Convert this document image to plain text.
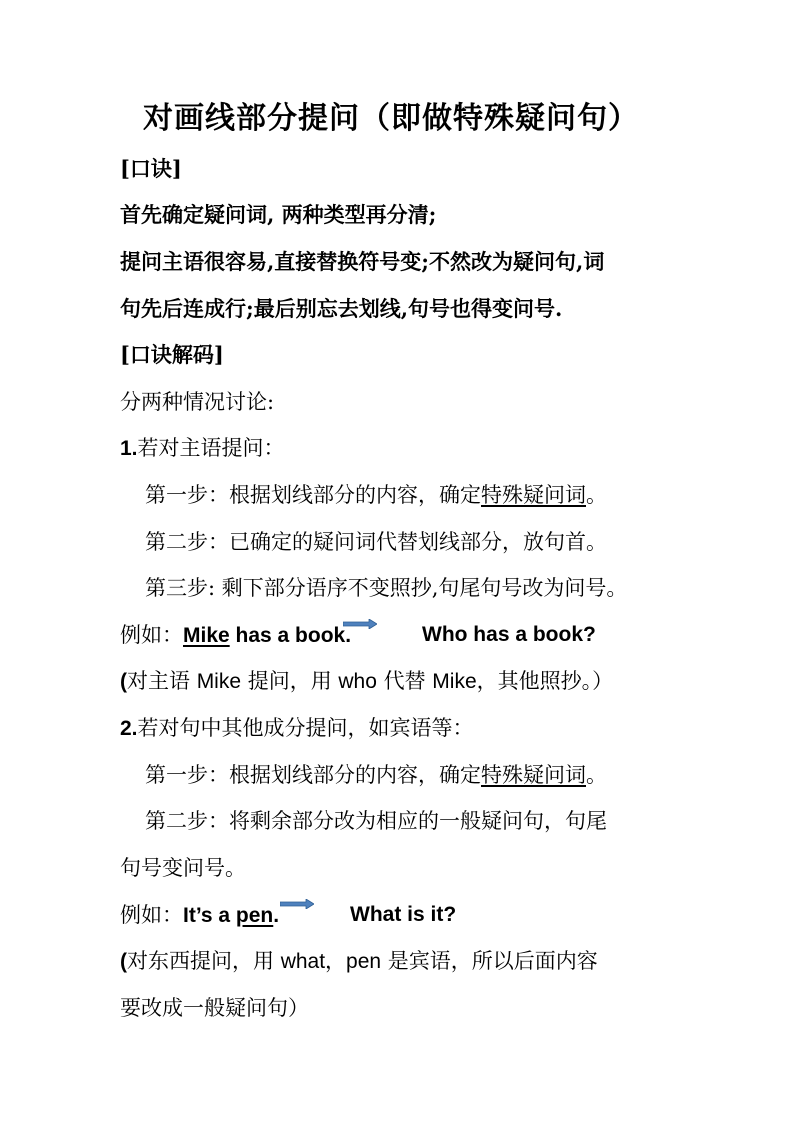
对画线部分提问（即做特殊疑问句）
[口诀]
首先确定疑问词, 两种类型再分清;
提问主语很容易,直接替换符号变;不然改为疑问句,词
句先后连成行;最后别忘去划线,句号也得变问号.
[口诀解码]
分两种情况讨论:
1.若对主语提问：
第一步：根据划线部分的内容，确定特殊疑问词。
第二步：已确定的疑问词代替划线部分，放句首。
第三步: 剩下部分语序不变照抄,句尾句号改为问号。
例如：Mike has a book.	Who has a book?
(对主语 Mike 提问，用 who 代替 Mike，其他照抄。）
2.若对句中其他成分提问，如宾语等：
第一步：根据划线部分的内容，确定特殊疑问词。
第二步：将剩余部分改为相应的一般疑问句，句尾
句号变问号。
例如：It’s a pen.	What is it?
(对东西提问，用 what，pen 是宾语，所以后面内容
要改成一般疑问句）
